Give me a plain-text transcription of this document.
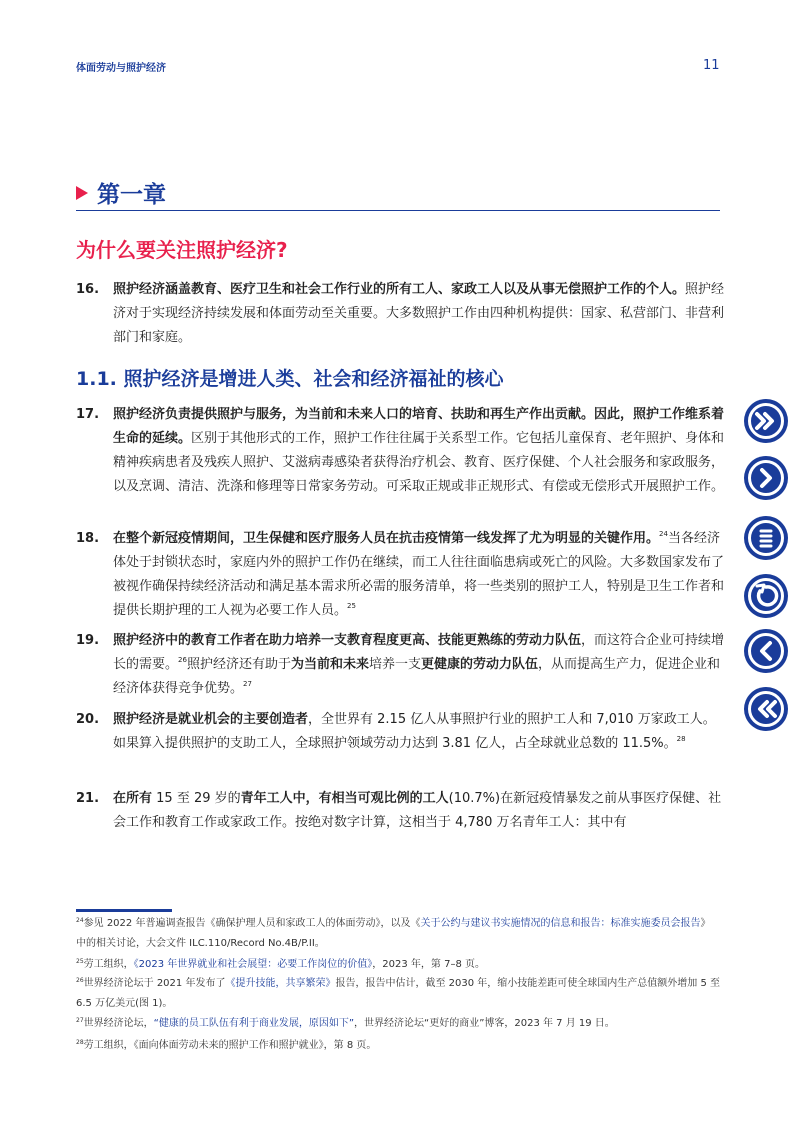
体面劳动与照护经济	11
第一章
为什么要关注照护经济?
16. 照护经济涵盖教育、医疗卫生和社会工作行业的所有工人、家政工人以及从事无偿照护工作的个人。照护经济对于实现经济持续发展和体面劳动至关重要。大多数照护工作由四种机构提供：国家、私营部门、非营利部门和家庭。
1.1. 照护经济是增进人类、社会和经济福祉的核心
17. 照护经济负责提供照护与服务，为当前和未来人口的培育、扶助和再生产作出贡献。因此，照护工作维系着生命的延续。区别于其他形式的工作，照护工作往往属于关系型工作。它包括儿童保育、老年照护、身体和精神疾病患者及残疾人照护、艾滋病毒感染者获得治疗机会、教育、医疗保健、个人社会服务和家政服务，以及烹调、清洁、洗涤和修理等日常家务劳动。可采取正规或非正规形式、有偿或无偿形式开展照护工作。
18. 在整个新冠疫情期间，卫生保健和医疗服务人员在抗击疫情第一线发挥了尤为明显的关键作用。$^{24}$当各经济体处于封锁状态时，家庭内外的照护工作仍在继续，而工人往往面临患病或死亡的风险。大多数国家发布了被视作确保持续经济活动和满足基本需求所必需的服务清单，将一些类别的照护工人，特别是卫生工作者和提供长期护理的工人视为必要工作人员。$^{25}$
19. 照护经济中的教育工作者在助力培养一支教育程度更高、技能更熟练的劳动力队伍，而这符合企业可持续增长的需要。$^{26}$照护经济还有助于为当前和未来培养一支更健康的劳动力队伍，从而提高生产力，促进企业和经济体获得竞争优势。$^{27}$
20. 照护经济是就业机会的主要创造者，全世界有 2.15 亿人从事照护行业的照护工人和 7,010 万家政工人。如果算入提供照护的支助工人，全球照护领域劳动力达到 3.81 亿人，占全球就业总数的 11.5%。$^{28}$
21. 在所有 15 至 29 岁的青年工人中，有相当可观比例的工人(10.7%)在新冠疫情暴发之前从事医疗保健、社会工作和教育工作或家政工作。按绝对数字计算，这相当于 4,780 万名青年工人：其中有
$^{24}$参见 2022 年普遍调查报告《确保护理人员和家政工人的体面劳动》，以及《关于公约与建议书实施情况的信息和报告：标准实施委员会报告》中的相关讨论，大会文件 ILC.110/Record No.4B/P.II。
$^{25}$劳工组织，《2023 年世界就业和社会展望：必要工作岗位的价值》，2023 年，第 7–8 页。
$^{26}$世界经济论坛于 2021 年发布了《提升技能，共享繁荣》报告，报告中估计，截至 2030 年，缩小技能差距可使全球国内生产总值额外增加 5 至 6.5 万亿美元(图 1)。
$^{27}$世界经济论坛，“健康的员工队伍有利于商业发展，原因如下”，世界经济论坛“更好的商业”博客，2023 年 7 月 19 日。
$^{28}$劳工组织，《面向体面劳动未来的照护工作和照护就业》，第 8 页。
